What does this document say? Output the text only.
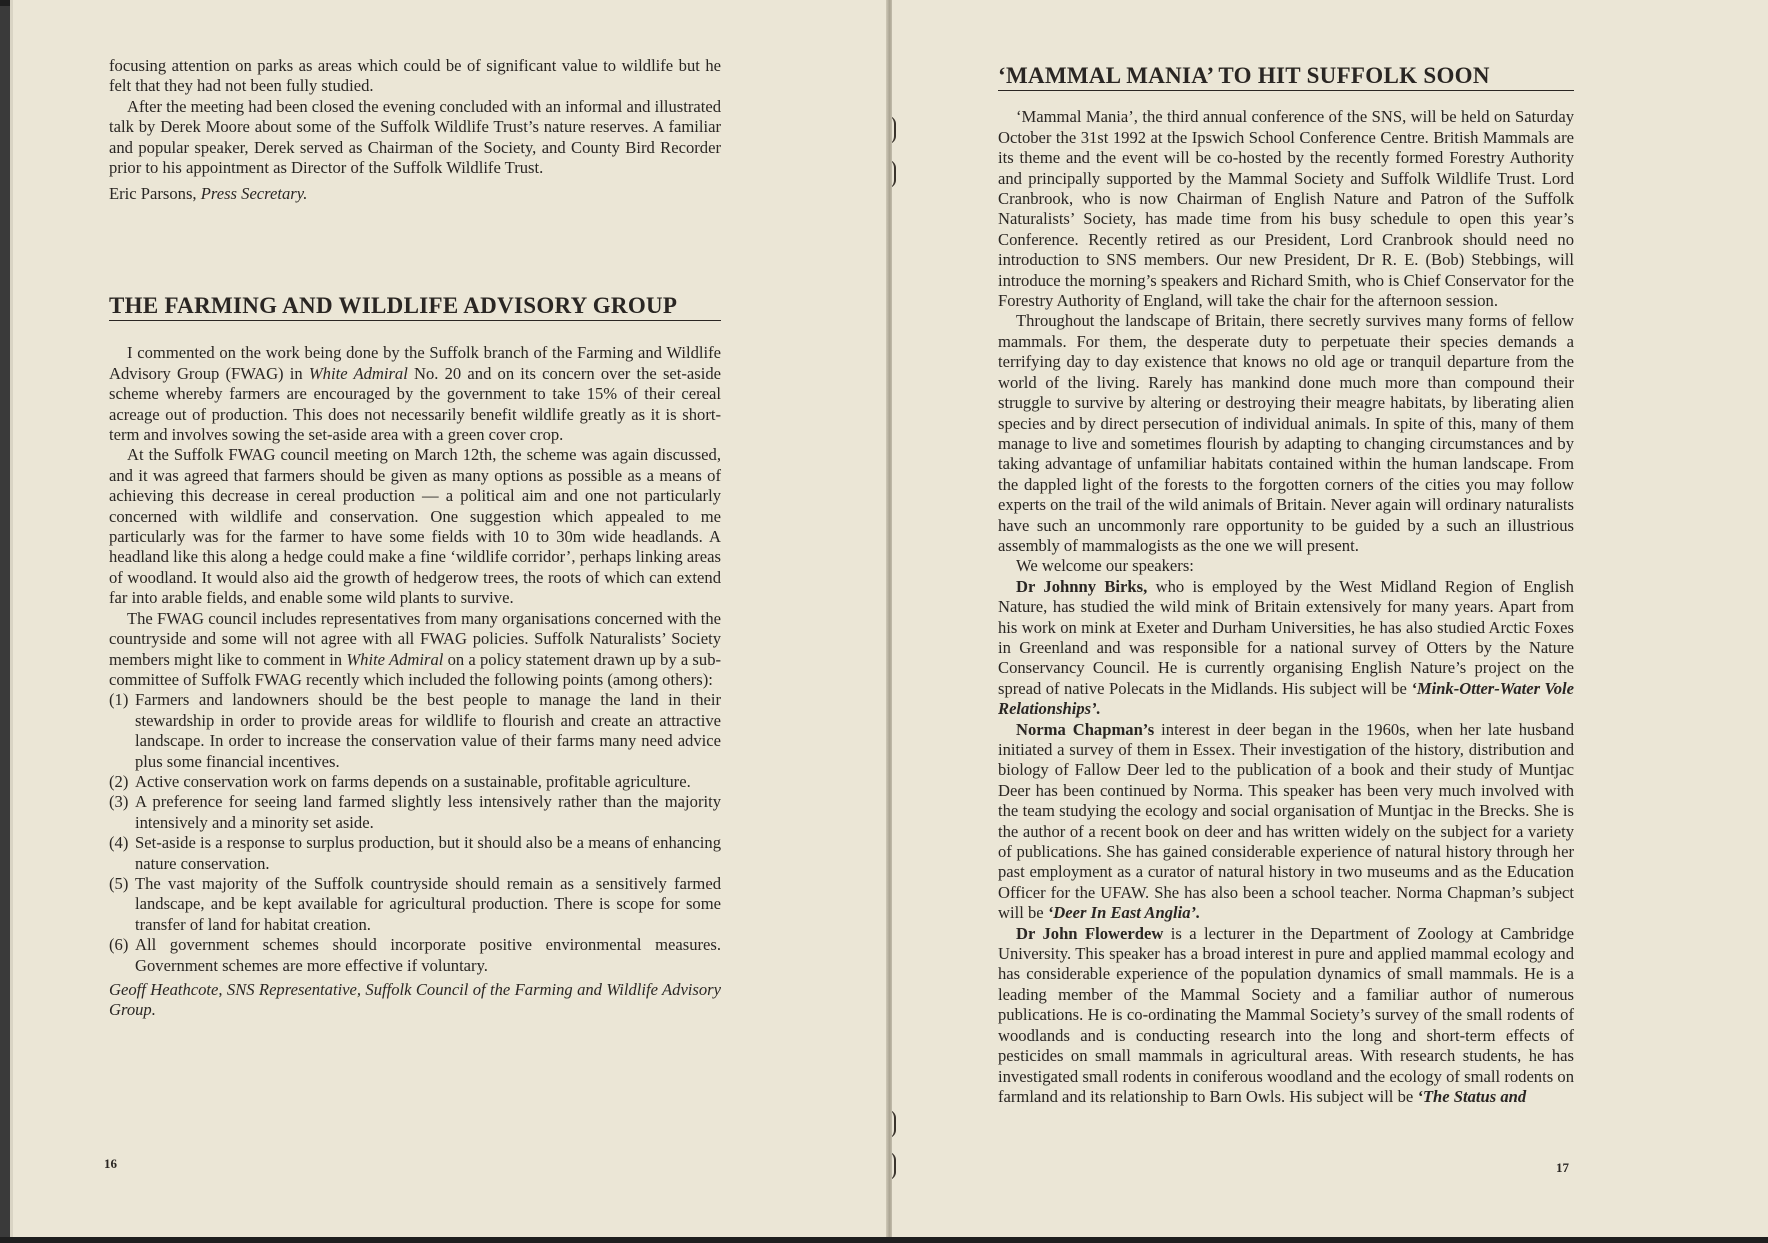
focusing attention on parks as areas which could be of significant value to wildlife but he felt that they had not been fully studied.

After the meeting had been closed the evening concluded with an informal and illustrated talk by Derek Moore about some of the Suffolk Wildlife Trust’s nature reserves. A familiar and popular speaker, Derek served as Chairman of the Society, and County Bird Recorder prior to his appointment as Director of the Suffolk Wildlife Trust.

Eric Parsons, Press Secretary.

THE FARMING AND WILDLIFE ADVISORY GROUP

I commented on the work being done by the Suffolk branch of the Farming and Wildlife Advisory Group (FWAG) in White Admiral No. 20 and on its concern over the set-aside scheme whereby farmers are encouraged by the government to take 15% of their cereal acreage out of production. This does not necessarily benefit wildlife greatly as it is short-term and involves sowing the set-aside area with a green cover crop.

At the Suffolk FWAG council meeting on March 12th, the scheme was again discussed, and it was agreed that farmers should be given as many options as possible as a means of achieving this decrease in cereal production — a political aim and one not particularly concerned with wildlife and conservation. One suggestion which appealed to me particularly was for the farmer to have some fields with 10 to 30m wide headlands. A headland like this along a hedge could make a fine ‘wildlife corridor’, perhaps linking areas of woodland. It would also aid the growth of hedgerow trees, the roots of which can extend far into arable fields, and enable some wild plants to survive.

The FWAG council includes representatives from many organisations concerned with the countryside and some will not agree with all FWAG policies. Suffolk Naturalists’ Society members might like to comment in White Admiral on a policy statement drawn up by a sub-committee of Suffolk FWAG recently which included the following points (among others):

(1) Farmers and landowners should be the best people to manage the land in their stewardship in order to provide areas for wildlife to flourish and create an attractive landscape. In order to increase the conservation value of their farms many need advice plus some financial incentives.
(2) Active conservation work on farms depends on a sustainable, profitable agriculture.
(3) A preference for seeing land farmed slightly less intensively rather than the majority intensively and a minority set aside.
(4) Set-aside is a response to surplus production, but it should also be a means of enhancing nature conservation.
(5) The vast majority of the Suffolk countryside should remain as a sensitively farmed landscape, and be kept available for agricultural production. There is scope for some transfer of land for habitat creation.
(6) All government schemes should incorporate positive environmental measures. Government schemes are more effective if voluntary.

Geoff Heathcote, SNS Representative, Suffolk Council of the Farming and Wildlife Advisory Group.

16
‘MAMMAL MANIA’ TO HIT SUFFOLK SOON

‘Mammal Mania’, the third annual conference of the SNS, will be held on Saturday October the 31st 1992 at the Ipswich School Conference Centre. British Mammals are its theme and the event will be co-hosted by the recently formed Forestry Authority and principally supported by the Mammal Society and Suffolk Wildlife Trust. Lord Cranbrook, who is now Chairman of English Nature and Patron of the Suffolk Naturalists’ Society, has made time from his busy schedule to open this year’s Conference. Recently retired as our President, Lord Cranbrook should need no introduction to SNS members. Our new President, Dr R. E. (Bob) Stebbings, will introduce the morning’s speakers and Richard Smith, who is Chief Conservator for the Forestry Authority of England, will take the chair for the afternoon session.

Throughout the landscape of Britain, there secretly survives many forms of fellow mammals. For them, the desperate duty to perpetuate their species demands a terrifying day to day existence that knows no old age or tranquil departure from the world of the living. Rarely has mankind done much more than compound their struggle to survive by altering or destroying their meagre habitats, by liberating alien species and by direct persecution of individual animals. In spite of this, many of them manage to live and sometimes flourish by adapting to changing circumstances and by taking advantage of unfamiliar habitats contained within the human landscape. From the dappled light of the forests to the forgotten corners of the cities you may follow experts on the trail of the wild animals of Britain. Never again will ordinary naturalists have such an uncommonly rare opportunity to be guided by a such an illustrious assembly of mammalogists as the one we will present.

We welcome our speakers:

Dr Johnny Birks, who is employed by the West Midland Region of English Nature, has studied the wild mink of Britain extensively for many years. Apart from his work on mink at Exeter and Durham Universities, he has also studied Arctic Foxes in Greenland and was responsible for a national survey of Otters by the Nature Conservancy Council. He is currently organising English Nature’s project on the spread of native Polecats in the Midlands. His subject will be ‘Mink-Otter-Water Vole Relationships’.

Norma Chapman’s interest in deer began in the 1960s, when her late husband initiated a survey of them in Essex. Their investigation of the history, distribution and biology of Fallow Deer led to the publication of a book and their study of Muntjac Deer has been continued by Norma. This speaker has been very much involved with the team studying the ecology and social organisation of Muntjac in the Brecks. She is the author of a recent book on deer and has written widely on the subject for a variety of publications. She has gained considerable experience of natural history through her past employment as a curator of natural history in two museums and as the Education Officer for the UFAW. She has also been a school teacher. Norma Chapman’s subject will be ‘Deer In East Anglia’.

Dr John Flowerdew is a lecturer in the Department of Zoology at Cambridge University. This speaker has a broad interest in pure and applied mammal ecology and has considerable experience of the population dynamics of small mammals. He is a leading member of the Mammal Society and a familiar author of numerous publications. He is co-ordinating the Mammal Society’s survey of the small rodents of woodlands and is conducting research into the long and short-term effects of pesticides on small mammals in agricultural areas. With research students, he has investigated small rodents in coniferous woodland and the ecology of small rodents on farmland and its relationship to Barn Owls. His subject will be ‘The Status and

17
